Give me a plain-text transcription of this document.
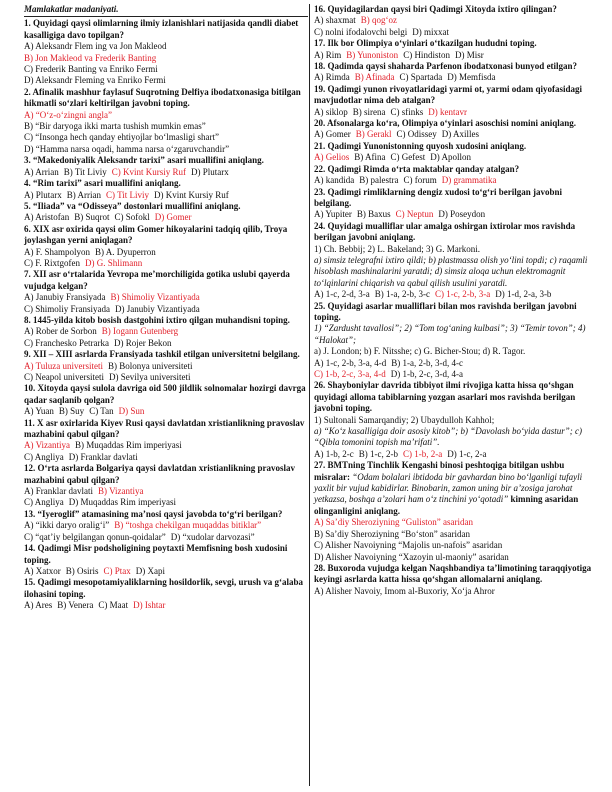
Mamlakatlar madaniyati.
1. Quyidagi qaysi olimlarning ilmiy izlanishlari natijasida qandli diabet kasalligiga davo topilgan?
A) Aleksandr Flem ing va Jon Makleod
B) Jon Makleod va Frederik Banting
C) Frederik Banting va Enriko Fermi
D) Aleksandr Fleming va Enriko Fermi
2. Afinalik mashhur faylasuf Suqrotning Delfiya ibodatxonasiga bitilgan hikmatli so‘zlari keltirilgan javobni toping.
A) “O‘z-o‘zingni angla”
B) “Bir daryoga ikki marta tushish mumkin emas”
C) “Insonga hech qanday ehtiyojlar bo‘lmasligi shart”
D) “Hamma narsa oqadi, hamma narsa o‘zgaruvchandir”
3. “Makedoniyalik Aleksandr tarixi” asari muallifini aniqlang.
A) Arrian B) Tit Liviy C) Kvint Kursiy Ruf D) Plutarx
4. “Rim tarixi” asari muallifini aniqlang.
A) Plutarx B) Arrian C) Tit Liviy D) Kvint Kursiy Ruf
5. “Iliada” va “Odisseya” dostonlari muallifini aniqlang.
A) Aristofan B) Suqrot C) Sofokl D) Gomer
6. XIX asr oxirida qaysi olim Gomer hikoyalarini tadqiq qilib, Troya joylashgan yerni aniqlagan?
A) F. Shampolyon B) A. Dyuperron
C) F. Rixtgofen D) G. Shlimann
7. XII asr o‘rtalarida Yevropa me’morchiligida gotika uslubi qayerda vujudga kelgan?
A) Janubiy Fransiyada B) Shimoliy Vizantiyada
C) Shimoliy Fransiyada D) Janubiy Vizantiyada
8. 1445-yilda kitob bosish dastgohini ixtiro qilgan muhandisni toping.
A) Rober de Sorbon B) Iogann Gutenberg
C) Franchesko Petrarka D) Rojer Bekon
9. XII – XIII asrlarda Fransiyada tashkil etilgan universitetni belgilang.
A) Tuluza universiteti B) Bolonya universiteti
C) Neapol universiteti D) Sevilya universiteti
10. Xitoyda qaysi sulola davriga oid 500 jildlik solnomalar hozirgi davrga qadar saqlanib qolgan?
A) Yuan B) Suy C) Tan D) Sun
11. X asr oxirlarida Kiyev Rusi qaysi davlatdan xristianlikning pravoslav mazhabini qabul qilgan?
A) Vizantiya B) Muqaddas Rim imperiyasi
C) Angliya D) Franklar davlati
12. O‘rta asrlarda Bolgariya qaysi davlatdan xristianlikning pravoslav mazhabini qabul qilgan?
A) Franklar davlati B) Vizantiya
C) Angliya D) Muqaddas Rim imperiyasi
13. “Iyeroglif” atamasining ma’nosi qaysi javobda to‘g‘ri berilgan?
A) “ikki daryo oralig‘i” B) “toshga chekilgan muqaddas bitiklar”
C) “qat’iy belgilangan qonun-qoidalar” D) “xudolar darvozasi”
14. Qadimgi Misr podsholigining poytaxti Memfisning bosh xudosini toping.
A) Xatxor B) Osiris C) Ptax D) Xapi
15. Qadimgi mesopotamiyaliklarning hosildorlik, sevgi, urush va g‘alaba ilohasini toping.
A) Ares B) Venera C) Maat D) Ishtar
16. Quyidagilardan qaysi biri Qadimgi Xitoyda ixtiro qilingan?
A) shaxmat B) qog‘oz
C) nolni ifodalovchi belgi D) mixxat
17. Ilk bor Olimpiya o‘yinlari o‘tkazilgan hududni toping.
A) Rim B) Yunoniston C) Hindiston D) Misr
18. Qadimda qaysi shaharda Parfenon ibodatxonasi bunyod etilgan?
A) Rimda B) Afinada C) Spartada D) Memfisda
19. Qadimgi yunon rivoyatlaridagi yarmi ot, yarmi odam qiyofasidagi mavjudotlar nima deb atalgan?
A) siklop B) sirena C) sfinks D) kentavr
20. Afsonalarga ko‘ra, Olimpiya o‘yinlari asoschisi nomini aniqlang.
A) Gomer B) Gerakl C) Odissey D) Axilles
21. Qadimgi Yunonistonning quyosh xudosini aniqlang.
A) Gelios B) Afina C) Gefest D) Apollon
22. Qadimgi Rimda o‘rta maktablar qanday atalgan?
A) kandida B) palestra C) forum D) grammatika
23. Qadimgi rimliklarning dengiz xudosi to‘g‘ri berilgan javobni belgilang.
A) Yupiter B) Baxus C) Neptun D) Poseydon
24. Quyidagi mualliflar ular amalga oshirgan ixtirolar mos ravishda berilgan javobni aniqlang.
1) Ch. Bebbij; 2) L. Bakeland; 3) G. Markoni.
a) simsiz telegrafni ixtiro qildi; b) plastmassa olish yo‘lini topdi; c) raqamli hisoblash mashinalarini yaratdi; d) simsiz aloqa uchun elektromagnit to‘lqinlarini chiqarish va qabul qilish usulini yaratdi.
A) 1-c, 2-d, 3-a B) 1-a, 2-b, 3-c C) 1-c, 2-b, 3-a D) 1-d, 2-a, 3-b
25. Quyidagi asarlar mualliflari bilan mos ravishda berilgan javobni toping.
1) “Zardusht tavallosi”; 2) “Tom tog‘aning kulbasi”; 3) “Temir tovon”; 4) “Halokat”;
a) J. London; b) F. Nitsshe; c) G. Bicher-Stou; d) R. Tagor.
A) 1-c, 2-b, 3-a, 4-d B) 1-a, 2-b, 3-d, 4-c
C) 1-b, 2-c, 3-a, 4-d D) 1-b, 2-c, 3-d, 4-a
26. Shayboniylar davrida tibbiyot ilmi rivojiga katta hissa qo‘shgan quyidagi alloma tabiblarning yozgan asarlari mos ravishda berilgan javobni toping.
1) Sultonali Samarqandiy; 2) Ubaydulloh Kahhol;
a) “Ko‘z kasalligiga doir asosiy kitob”; b) “Davolash bo‘yida dastur”; c) “Qibla tomonini topish ma’rifati”.
A) 1-b, 2-c B) 1-c, 2-b C) 1-b, 2-a D) 1-c, 2-a
27. BMTning Tinchlik Kengashi binosi peshtoqiga bitilgan ushbu misralar: “Odam bolalari ibtidoda bir gavhardan bino bo‘lganligi tufayli yaxlit bir vujud kabidirlar. Binobarin, zamon uning bir a’zosiga jarohat yetkazsa, boshqa a’zolari ham o‘z tinchini yo‘qotadi” kimning asaridan olinganligini aniqlang.
A) Sa’diy Sheroziyning “Guliston” asaridan
B) Sa’diy Sheroziyning “Bo‘ston” asaridan
C) Alisher Navoiyning “Majolis un-nafois” asaridan
D) Alisher Navoiyning “Xazoyin ul-maoniy” asaridan
28. Buxoroda vujudga kelgan Naqshbandiya ta’limotining taraqqiyotiga keyingi asrlarda katta hissa qo‘shgan allomalarni aniqlang.
A) Alisher Navoiy, Imom al-Buxoriy, Xo‘ja Ahror
